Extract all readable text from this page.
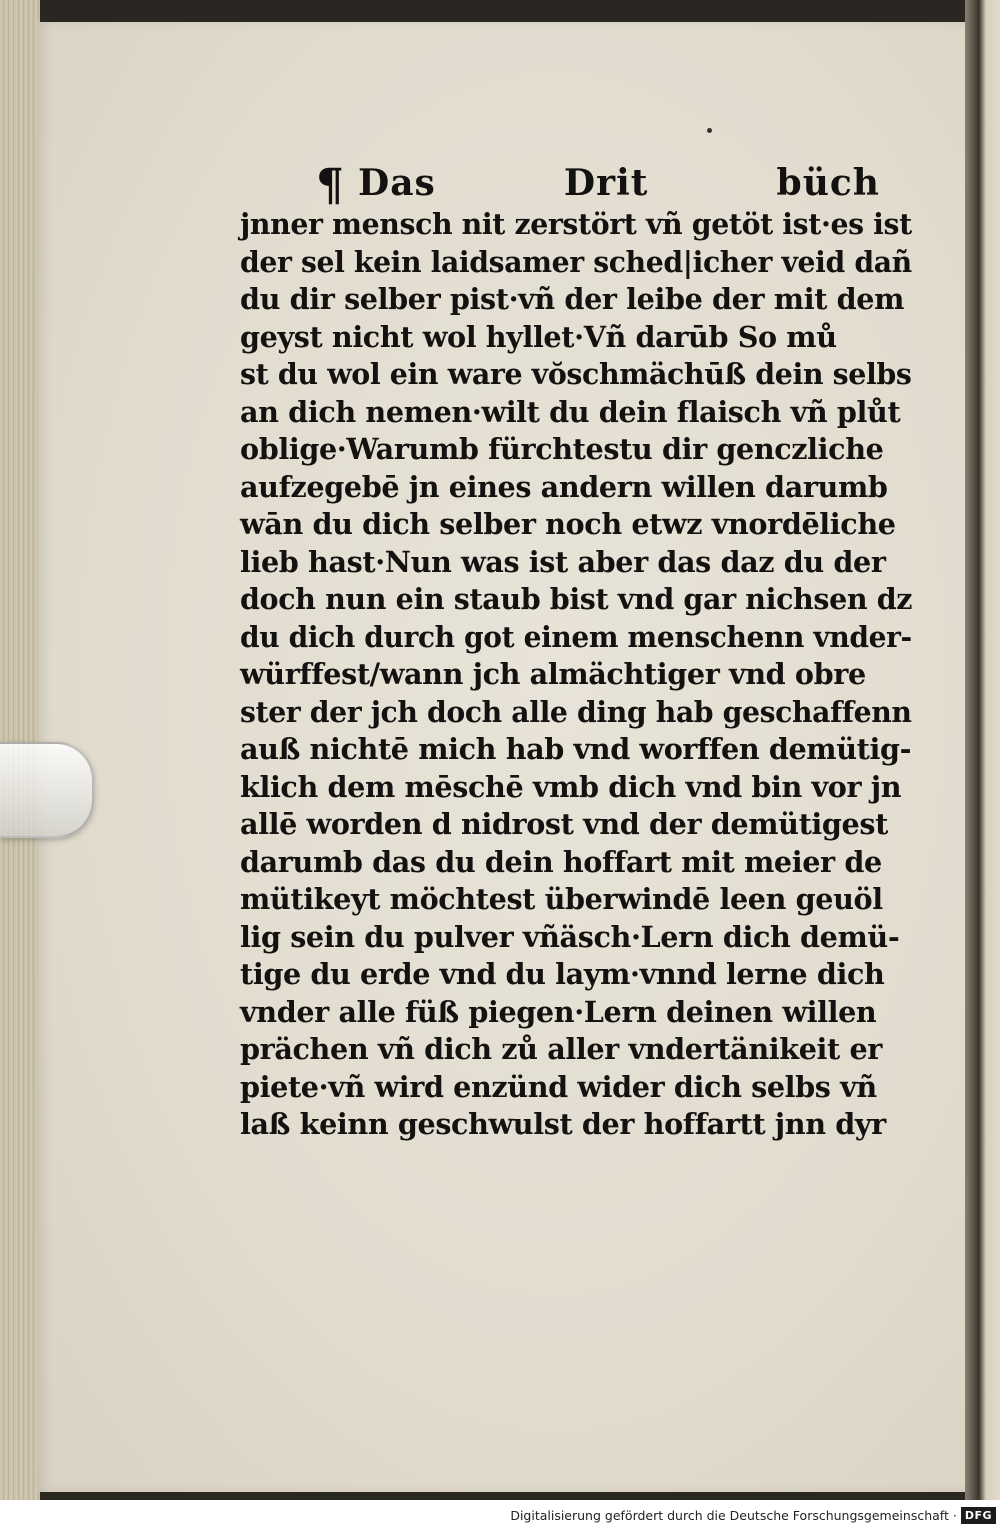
¶ Das	Drit	büch
jnner mensch nit zerstört vñ getöt ist·es ist
der sel kein laidsamer sched|icher veid dañ
du dir selber pist·vñ der leibe der mit dem
geyst nicht wol hyllet·Vñ darūb So mů
st du wol ein ware vŏschmächūß dein selbs
an dich nemen·wilt du dein flaisch vñ plůt
oblige·Warumb fürchtestu dir genczliche
aufzegebē jn eines andern willen darumb
wān du dich selber noch etwz vnordēliche
lieb hast·Nun was ist aber das daz du der
doch nun ein staub bist vnd gar nichsen dz
du dich durch got einem menschenn vnder-
würffest/wann jch almächtiger vnd obre
ster der jch doch alle ding hab geschaffenn
auß nichtē mich hab vnd worffen demütig-
klich dem mēschē vmb dich vnd bin vor jn
allē worden d nidrost vnd der demütigest
darumb das du dein hoffart mit meier de
mütikeyt möchtest überwindē leen geuöl
lig sein du pulver vñäsch·Lern dich demü-
tige du erde vnd du laym·vnnd lerne dich
vnder alle füß piegen·Lern deinen willen
prächen vñ dich zů aller vndertänikeit er
piete·vñ wird enzünd wider dich selbs vñ
laß keinn geschwulst der hoffartt jnn dyr
Digitalisierung gefördert durch die Deutsche Forschungsgemeinschaft · DFG
